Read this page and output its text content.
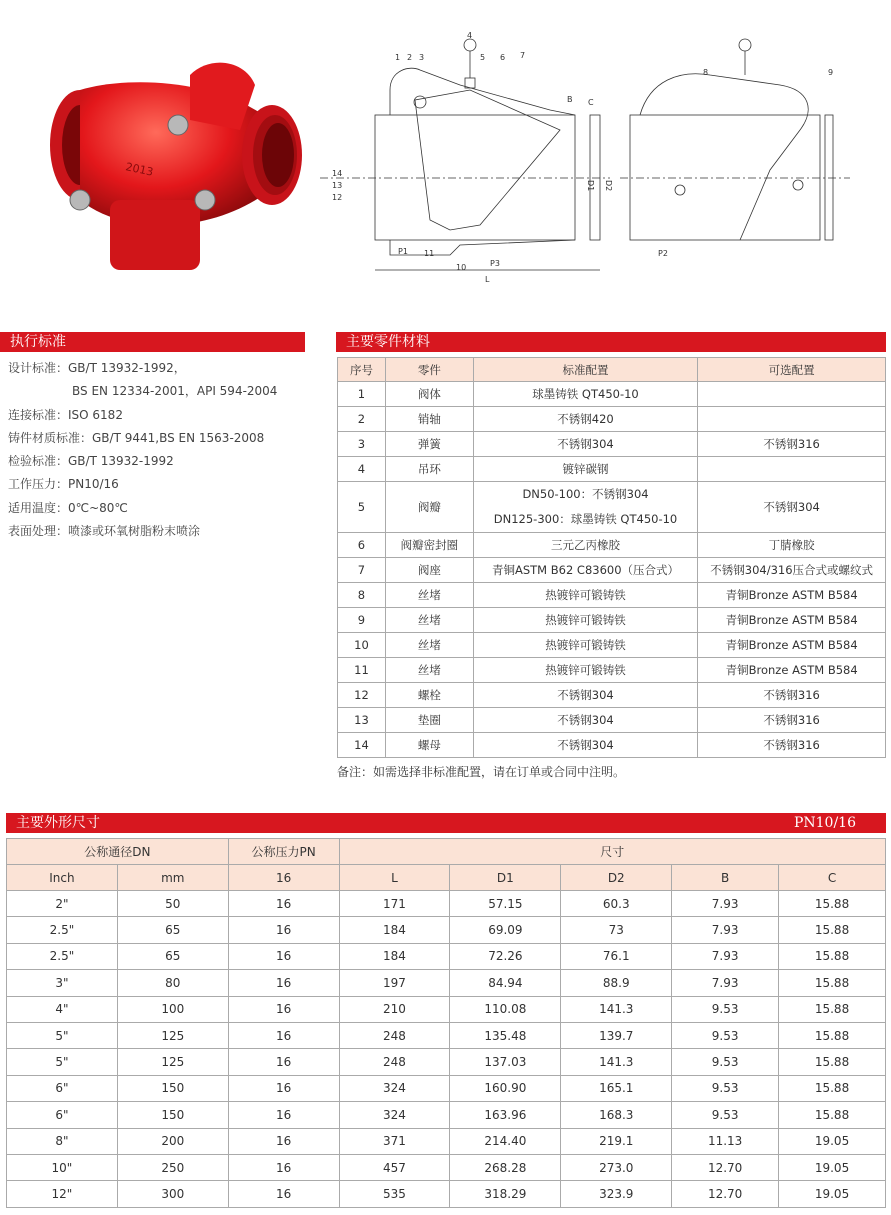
2013
1 2 3
4
5 6 7
8	9
10
11
12
13
14
P1	P2
P3
B C
L
D1 D2
执行标准
设计标准：GB/T 13932-1992，
BS EN 12334-2001，API 594-2004
连接标准：ISO 6182
铸件材质标准：GB/T 9441,BS EN 1563-2008
检验标准：GB/T 13932-1992
工作压力：PN10/16
适用温度：0℃~80℃
表面处理：喷漆或环氧树脂粉末喷涂
主要零件材料
序号	零件	标准配置	可选配置
1	阀体	球墨铸铁 QT450-10	
2	销轴	不锈钢420	
3	弹簧	不锈钢304	不锈钢316
4	吊环	镀锌碳钢	
5	阀瓣	DN50-100：不锈钢304
DN125-300：球墨铸铁 QT450-10	不锈钢304
6	阀瓣密封圈	三元乙丙橡胶	丁腈橡胶
7	阀座	青铜ASTM B62 C83600（压合式）	不锈钢304/316压合式或螺纹式
8	丝堵	热镀锌可锻铸铁	青铜Bronze ASTM B584
9	丝堵	热镀锌可锻铸铁	青铜Bronze ASTM B584
10	丝堵	热镀锌可锻铸铁	青铜Bronze ASTM B584
11	丝堵	热镀锌可锻铸铁	青铜Bronze ASTM B584
12	螺栓	不锈钢304	不锈钢316
13	垫圈	不锈钢304	不锈钢316
14	螺母	不锈钢304	不锈钢316
备注：如需选择非标准配置，请在订单或合同中注明。
主要外形尺寸	PN10/16
公称通径DN		公称压力PN	尺寸				
Inch	mm	16	L	D1	D2	B	C
2"	50	16	171	57.15	60.3	7.93	15.88
2.5"	65	16	184	69.09	73	7.93	15.88
2.5"	65	16	184	72.26	76.1	7.93	15.88
3"	80	16	197	84.94	88.9	7.93	15.88
4"	100	16	210	110.08	141.3	9.53	15.88
5"	125	16	248	135.48	139.7	9.53	15.88
5"	125	16	248	137.03	141.3	9.53	15.88
6"	150	16	324	160.90	165.1	9.53	15.88
6"	150	16	324	163.96	168.3	9.53	15.88
8"	200	16	371	214.40	219.1	11.13	19.05
10"	250	16	457	268.28	273.0	12.70	19.05
12"	300	16	535	318.29	323.9	12.70	19.05
